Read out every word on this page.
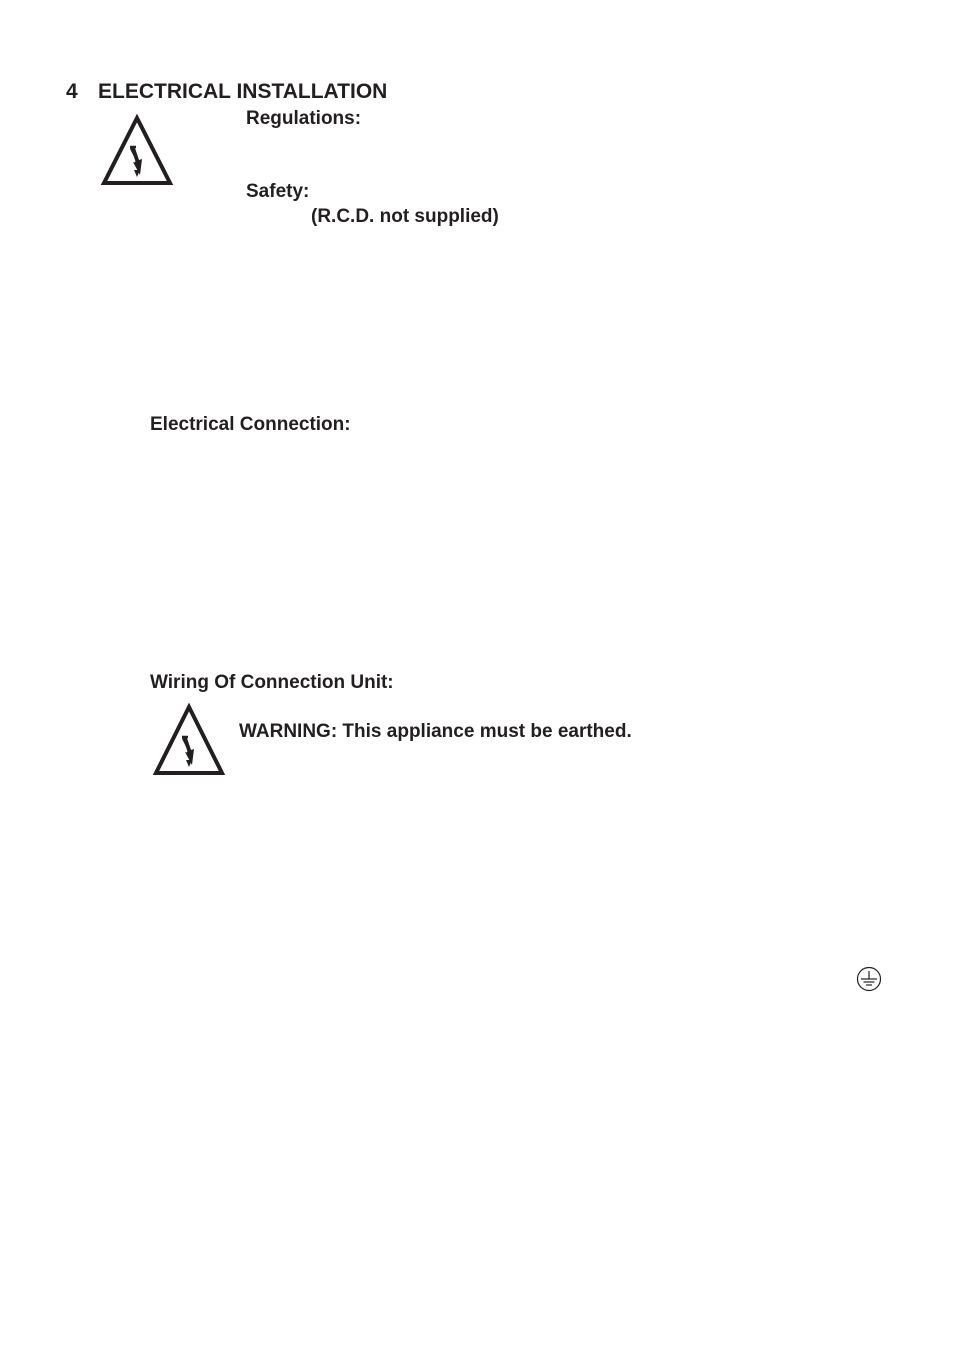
4 ELECTRICAL INSTALLATION
Regulations:
Safety:
(R.C.D. not supplied)
Electrical Connection:
Wiring Of Connection Unit:
WARNING: This appliance must be earthed.
